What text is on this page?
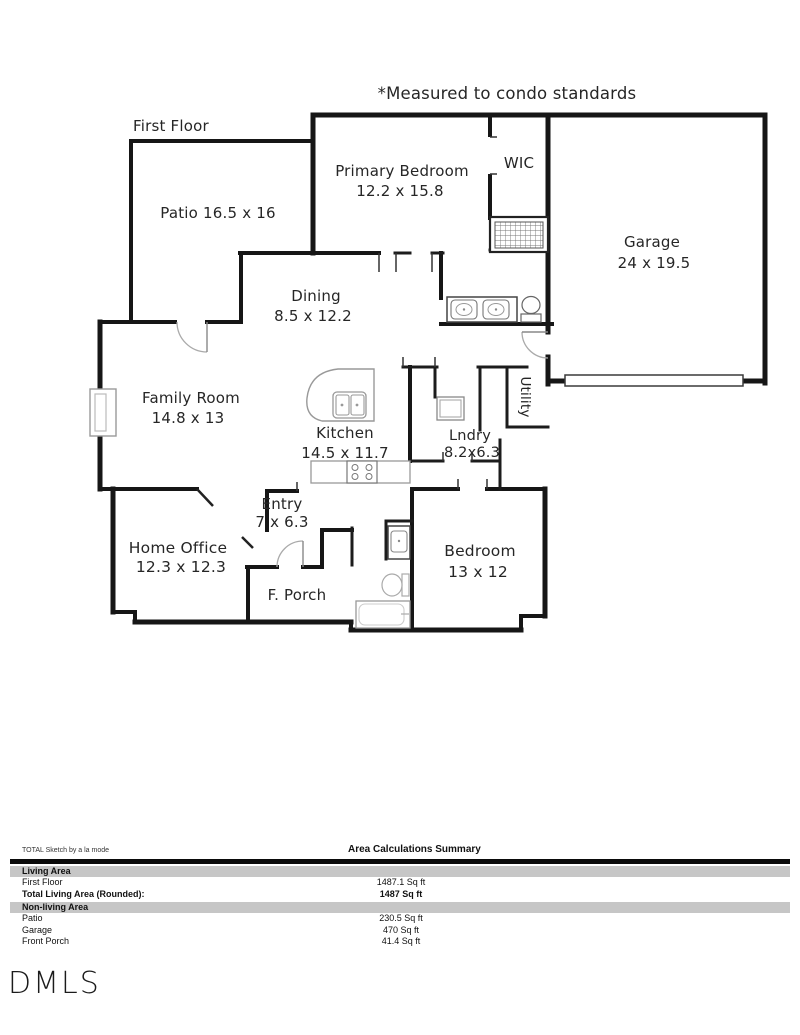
*Measured to condo standards
First Floor
Patio 16.5 x 16
Primary Bedroom
12.2 x 15.8
WIC
Garage
24 x 19.5
Dining
8.5 x 12.2
Family Room
14.8 x 13
Kitchen
14.5 x 11.7
Lndry
8.2x6.3
Utility
Entry
7 x 6.3
Home Office
12.3 x 12.3
F. Porch
Bedroom
13 x 12
TOTAL Sketch by a la mode	Area Calculations Summary
Living Area
First Floor	1487.1 Sq ft
Total Living Area (Rounded):	1487 Sq ft
Non-living Area
Patio	230.5 Sq ft
Garage	470 Sq ft
Front Porch	41.4 Sq ft
DMLS
